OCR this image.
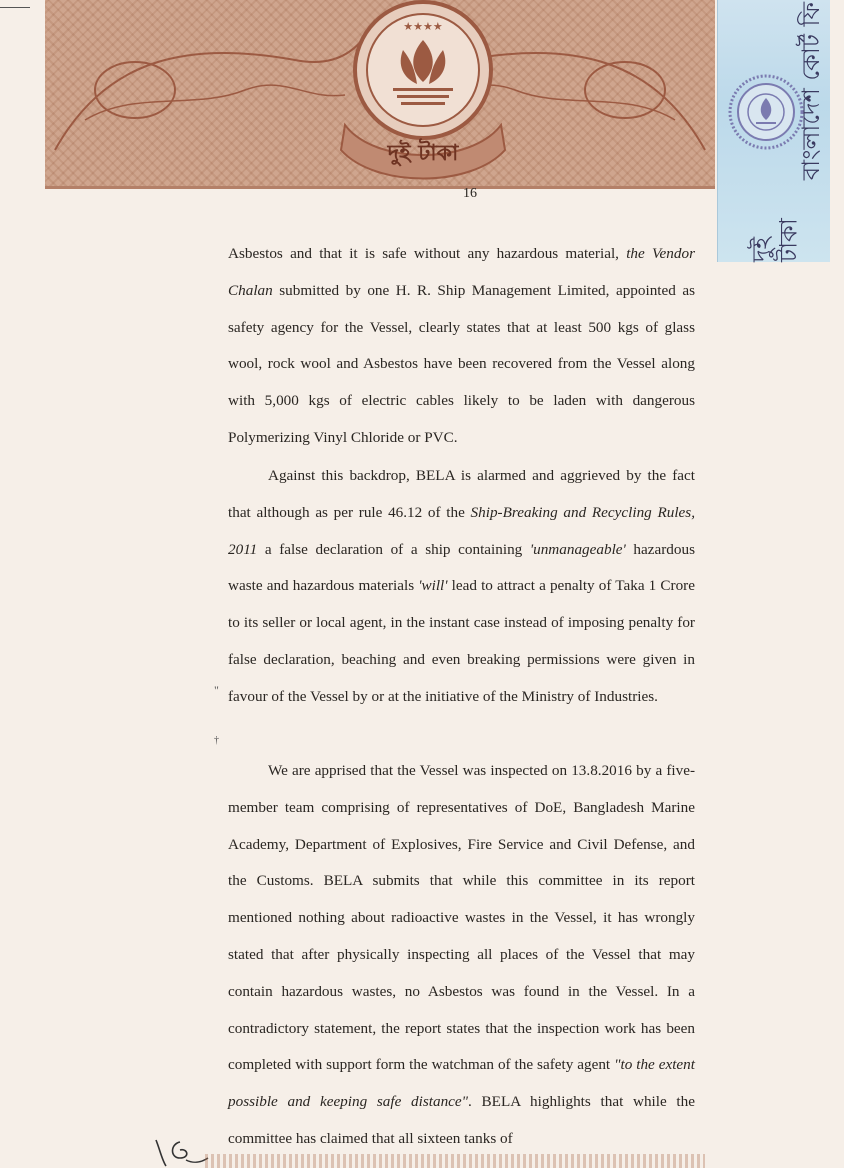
★★★★
দুই টাকা	বাংলাদেশ কোর্ট ফি
দুই টাকা
16

Asbestos and that it is safe without any hazardous material, the Vendor Chalan submitted by one H. R. Ship Management Limited, appointed as safety agency for the Vessel, clearly states that at least 500 kgs of glass wool, rock wool and Asbestos have been recovered from the Vessel along with 5,000 kgs of electric cables likely to be laden with dangerous Polymerizing Vinyl Chloride or PVC.

Against this backdrop, BELA is alarmed and aggrieved by the fact that although as per rule 46.12 of the Ship-Breaking and Recycling Rules, 2011 a false declaration of a ship containing 'unmanageable' hazardous waste and hazardous materials 'will' lead to attract a penalty of Taka 1 Crore to its seller or local agent, in the instant case instead of imposing penalty for false declaration, beaching and even breaking permissions were given in favour of the Vessel by or at the initiative of the Ministry of Industries.

We are apprised that the Vessel was inspected on 13.8.2016 by a five-member team comprising of representatives of DoE, Bangladesh Marine Academy, Department of Explosives, Fire Service and Civil Defense, and the Customs. BELA submits that while this committee in its report mentioned nothing about radioactive wastes in the Vessel, it has wrongly stated that after physically inspecting all places of the Vessel that may contain hazardous wastes, no Asbestos was found in the Vessel. In a contradictory statement, the report states that the inspection work has been completed with support form the watchman of the safety agent "to the extent possible and keeping safe distance". BELA highlights that while the committee has claimed that all sixteen tanks of

"
†
